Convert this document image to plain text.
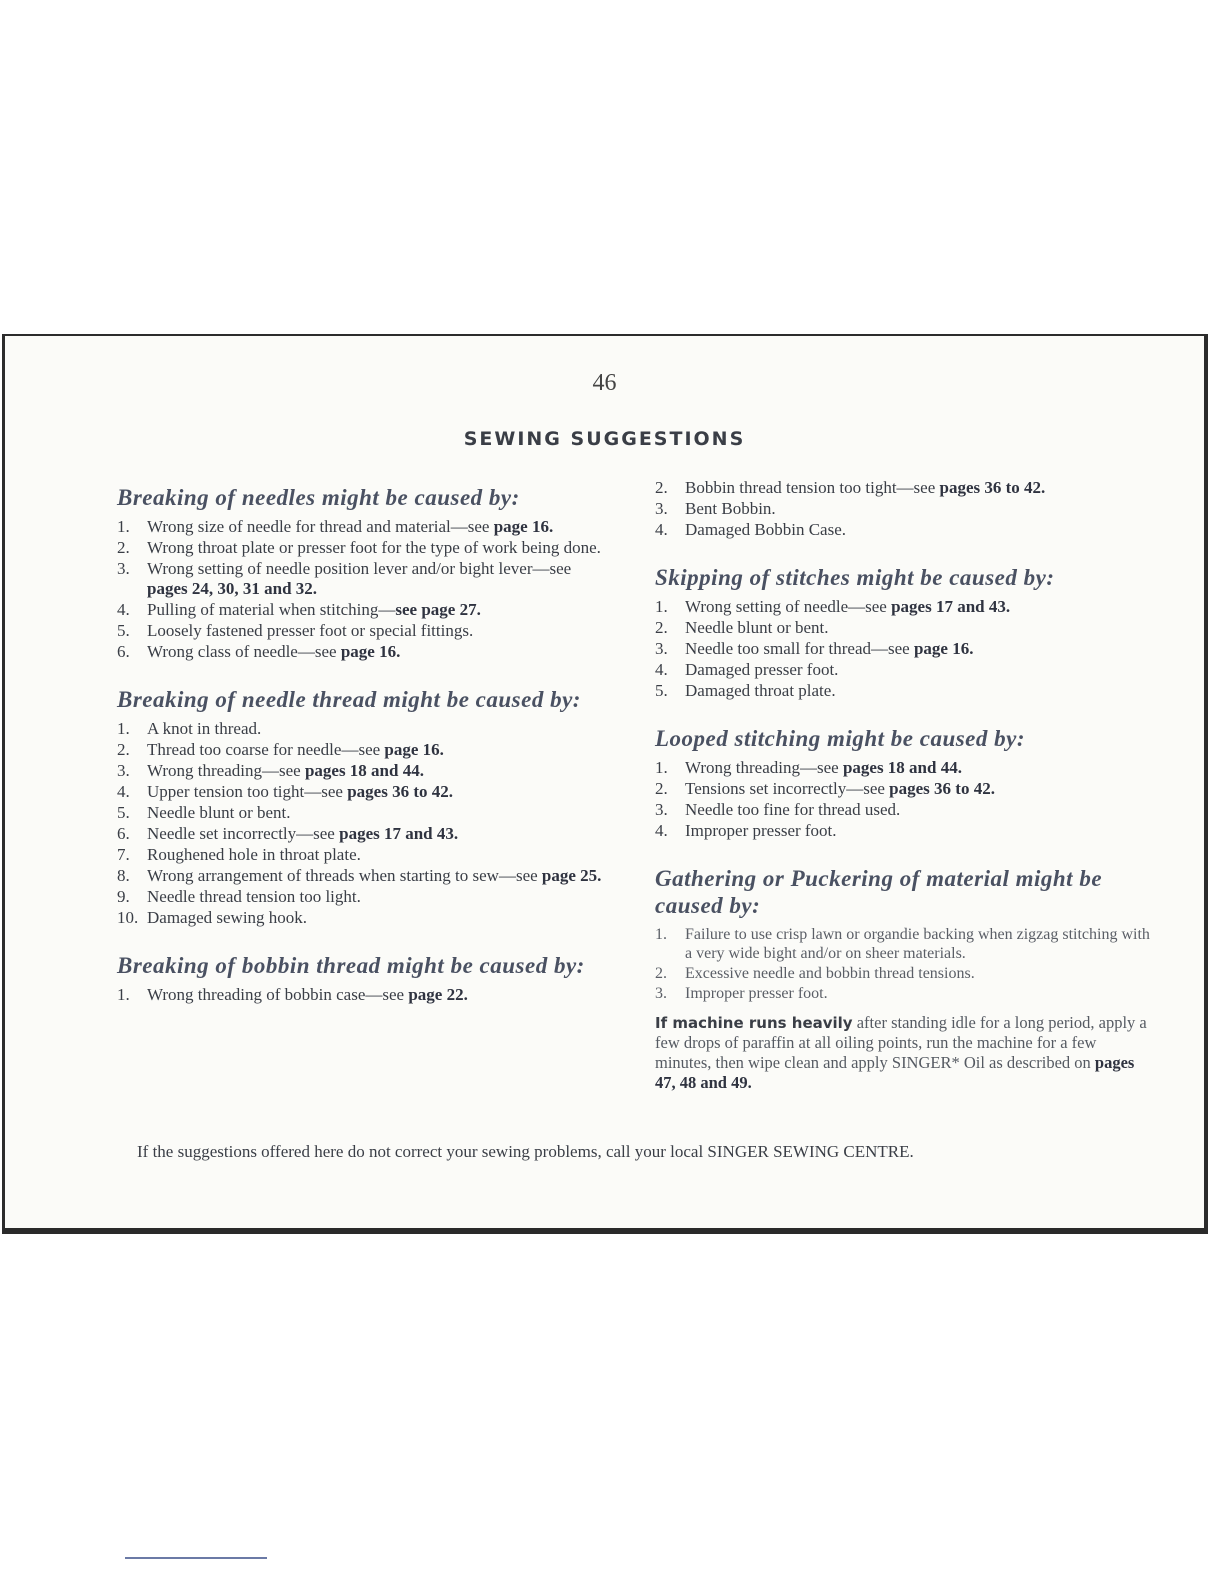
46
SEWING SUGGESTIONS
Breaking of needles might be caused by:
1. Wrong size of needle for thread and material—see page 16.
2. Wrong throat plate or presser foot for the type of work being done.
3. Wrong setting of needle position lever and/or bight lever—see pages 24, 30, 31 and 32.
4. Pulling of material when stitching—see page 27.
5. Loosely fastened presser foot or special fittings.
6. Wrong class of needle—see page 16.
Breaking of needle thread might be caused by:
1. A knot in thread.
2. Thread too coarse for needle—see page 16.
3. Wrong threading—see pages 18 and 44.
4. Upper tension too tight—see pages 36 to 42.
5. Needle blunt or bent.
6. Needle set incorrectly—see pages 17 and 43.
7. Roughened hole in throat plate.
8. Wrong arrangement of threads when starting to sew—see page 25.
9. Needle thread tension too light.
10. Damaged sewing hook.
Breaking of bobbin thread might be caused by:
1. Wrong threading of bobbin case—see page 22.
2. Bobbin thread tension too tight—see pages 36 to 42.
3. Bent Bobbin.
4. Damaged Bobbin Case.
Skipping of stitches might be caused by:
1. Wrong setting of needle—see pages 17 and 43.
2. Needle blunt or bent.
3. Needle too small for thread—see page 16.
4. Damaged presser foot.
5. Damaged throat plate.
Looped stitching might be caused by:
1. Wrong threading—see pages 18 and 44.
2. Tensions set incorrectly—see pages 36 to 42.
3. Needle too fine for thread used.
4. Improper presser foot.
Gathering or Puckering of material might be caused by:
1. Failure to use crisp lawn or organdie backing when zigzag stitching with a very wide bight and/or on sheer materials.
2. Excessive needle and bobbin thread tensions.
3. Improper presser foot.
If machine runs heavily after standing idle for a long period, apply a few drops of paraffin at all oiling points, run the machine for a few minutes, then wipe clean and apply SINGER* Oil as described on pages 47, 48 and 49.
If the suggestions offered here do not correct your sewing problems, call your local SINGER SEWING CENTRE.
